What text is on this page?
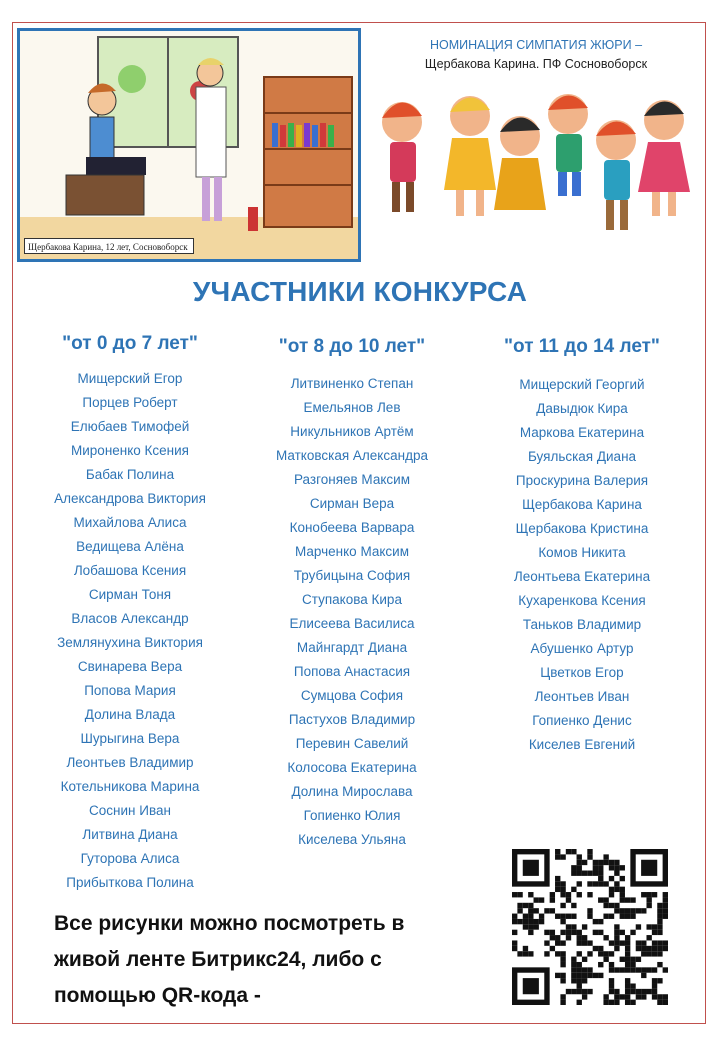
Щербакова Карина, 12 лет, Сосновоборск
НОМИНАЦИЯ СИМПАТИЯ ЖЮРИ –
Щербакова Карина. ПФ Сосновоборск
УЧАСТНИКИ КОНКУРСА
"от 0 до 7 лет"
Мищерский Егор
Порцев Роберт
Елюбаев Тимофей
Мироненко Ксения
Бабак Полина
Александрова Виктория
Михайлова Алиса
Ведищева Алёна
Лобашова Ксения
Сирман Тоня
Власов Александр
Землянухина Виктория
Свинарева Вера
Попова Мария
Долина Влада
Шурыгина Вера
Леонтьев Владимир
Котельникова Марина
Соснин Иван
Литвина Диана
Гуторова Алиса
Прибыткова Полина
"от 8 до 10 лет"
Литвиненко Степан
Емельянов Лев
Никульников Артём
Матковская Александра
Разгоняев Максим
Сирман Вера
Конобеева Варвара
Марченко Максим
Трубицына София
Ступакова Кира
Елисеева Василиса
Майнгардт Диана
Попова Анастасия
Сумцова София
Пастухов Владимир
Перевин Савелий
Колосова Екатерина
Долина Мирослава
Гопиенко Юлия
Киселева Ульяна
"от 11 до 14 лет"
Мищерский Георгий
Давыдюк Кира
Маркова Екатерина
Буяльская Диана
Проскурина Валерия
Щербакова Карина
Щербакова Кристина
Комов Никита
Леонтьева Екатерина
Кухаренкова Ксения
Таньков Владимир
Абушенко Артур
Цветков Егор
Леонтьев Иван
Гопиенко Денис
Киселев Евгений
Все рисунки можно посмотреть в живой ленте Битрикс24, либо с помощью QR-кода -
